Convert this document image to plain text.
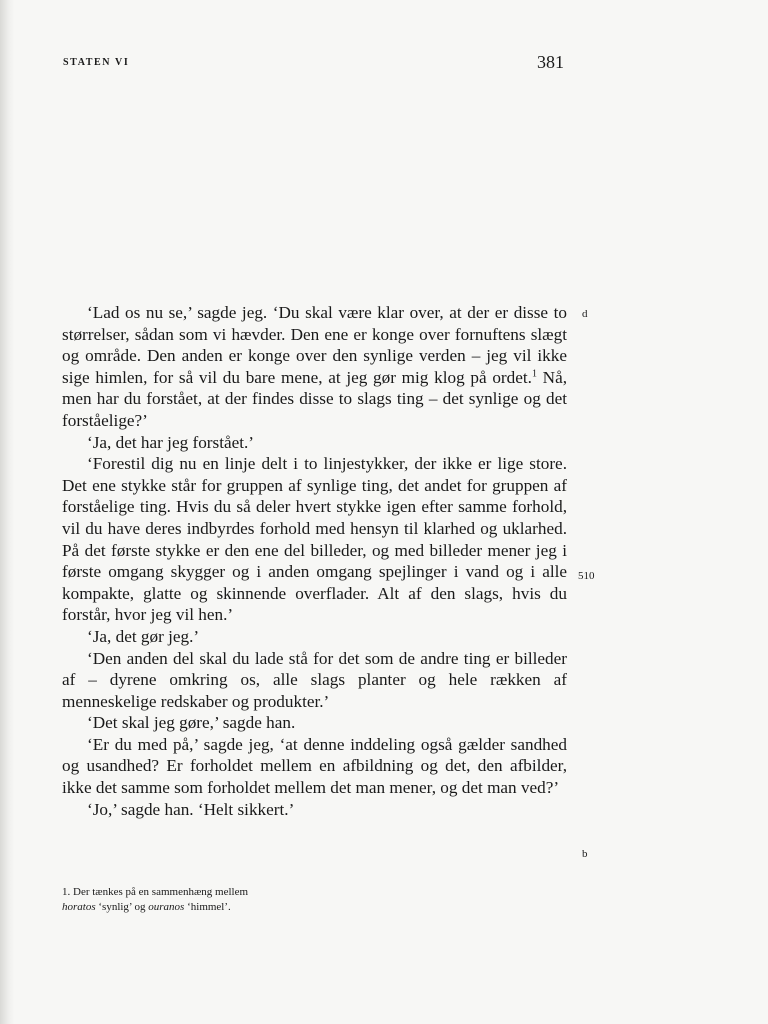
STATEN VI	381

‘Lad os nu se,’ sagde jeg. ‘Du skal være klar over, at der er disse to størrelser, sådan som vi hævder. Den ene er konge over fornuftens slægt og område. Den anden er konge over den synlige verden – jeg vil ikke sige himlen, for så vil du bare mene, at jeg gør mig klog på ordet.$^1$ Nå, men har du forstået, at der findes disse to slags ting – det synlige og det forståelige?’

‘Ja, det har jeg forstået.’

‘Forestil dig nu en linje delt i to linjestykker, der ikke er lige store. Det ene stykke står for gruppen af synlige ting, det andet for gruppen af forståelige ting. Hvis du så deler hvert stykke igen efter samme forhold, vil du have deres indbyrdes forhold med hensyn til klarhed og uklarhed. På det første stykke er den ene del billeder, og med billeder mener jeg i første omgang skygger og i anden omgang spejlinger i vand og i alle kompakte, glatte og skinnende overflader. Alt af den slags, hvis du forstår, hvor jeg vil hen.’

‘Ja, det gør jeg.’

‘Den anden del skal du lade stå for det som de andre ting er billeder af – dyrene omkring os, alle slags planter og hele rækken af menneskelige redskaber og produkter.’

‘Det skal jeg gøre,’ sagde han.

‘Er du med på,’ sagde jeg, ‘at denne inddeling også gælder sandhed og usandhed? Er forholdet mellem en afbildning og det, den afbilder, ikke det samme som forholdet mellem det man mener, og det man ved?’

‘Jo,’ sagde han. ‘Helt sikkert.’

d
510
b
1. Der tænkes på en sammenhæng mellem
horatos ‘synlig’ og ouranos ‘himmel’.
